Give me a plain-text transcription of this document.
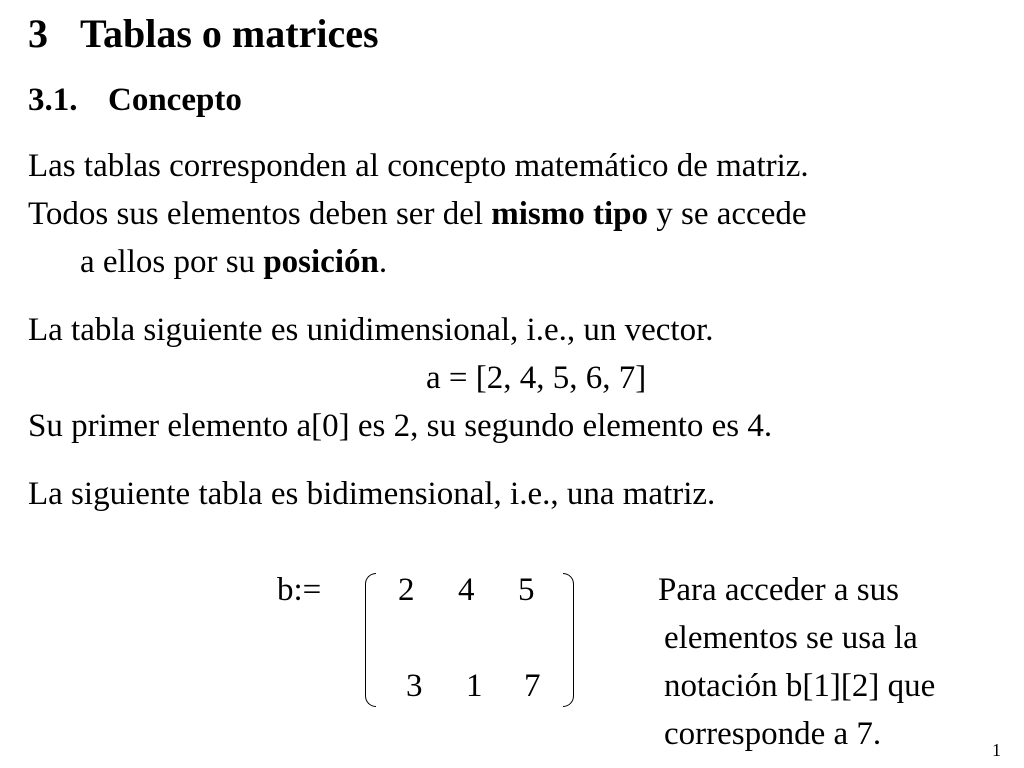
3 Tablas o matrices
3.1. Concepto
Las tablas corresponden al concepto matemático de matriz.
Todos sus elementos deben ser del mismo tipo y se accede
a ellos por su posición.
La tabla siguiente es unidimensional, i.e., un vector.
a = [2, 4, 5, 6, 7]
Su primer elemento a[0] es 2, su segundo elemento es 4.
La siguiente tabla es bidimensional, i.e., una matriz.
b:= 2 4 5
3 1 7
Para acceder a sus
elementos se usa la
notación b[1][2] que
corresponde a 7.	1
